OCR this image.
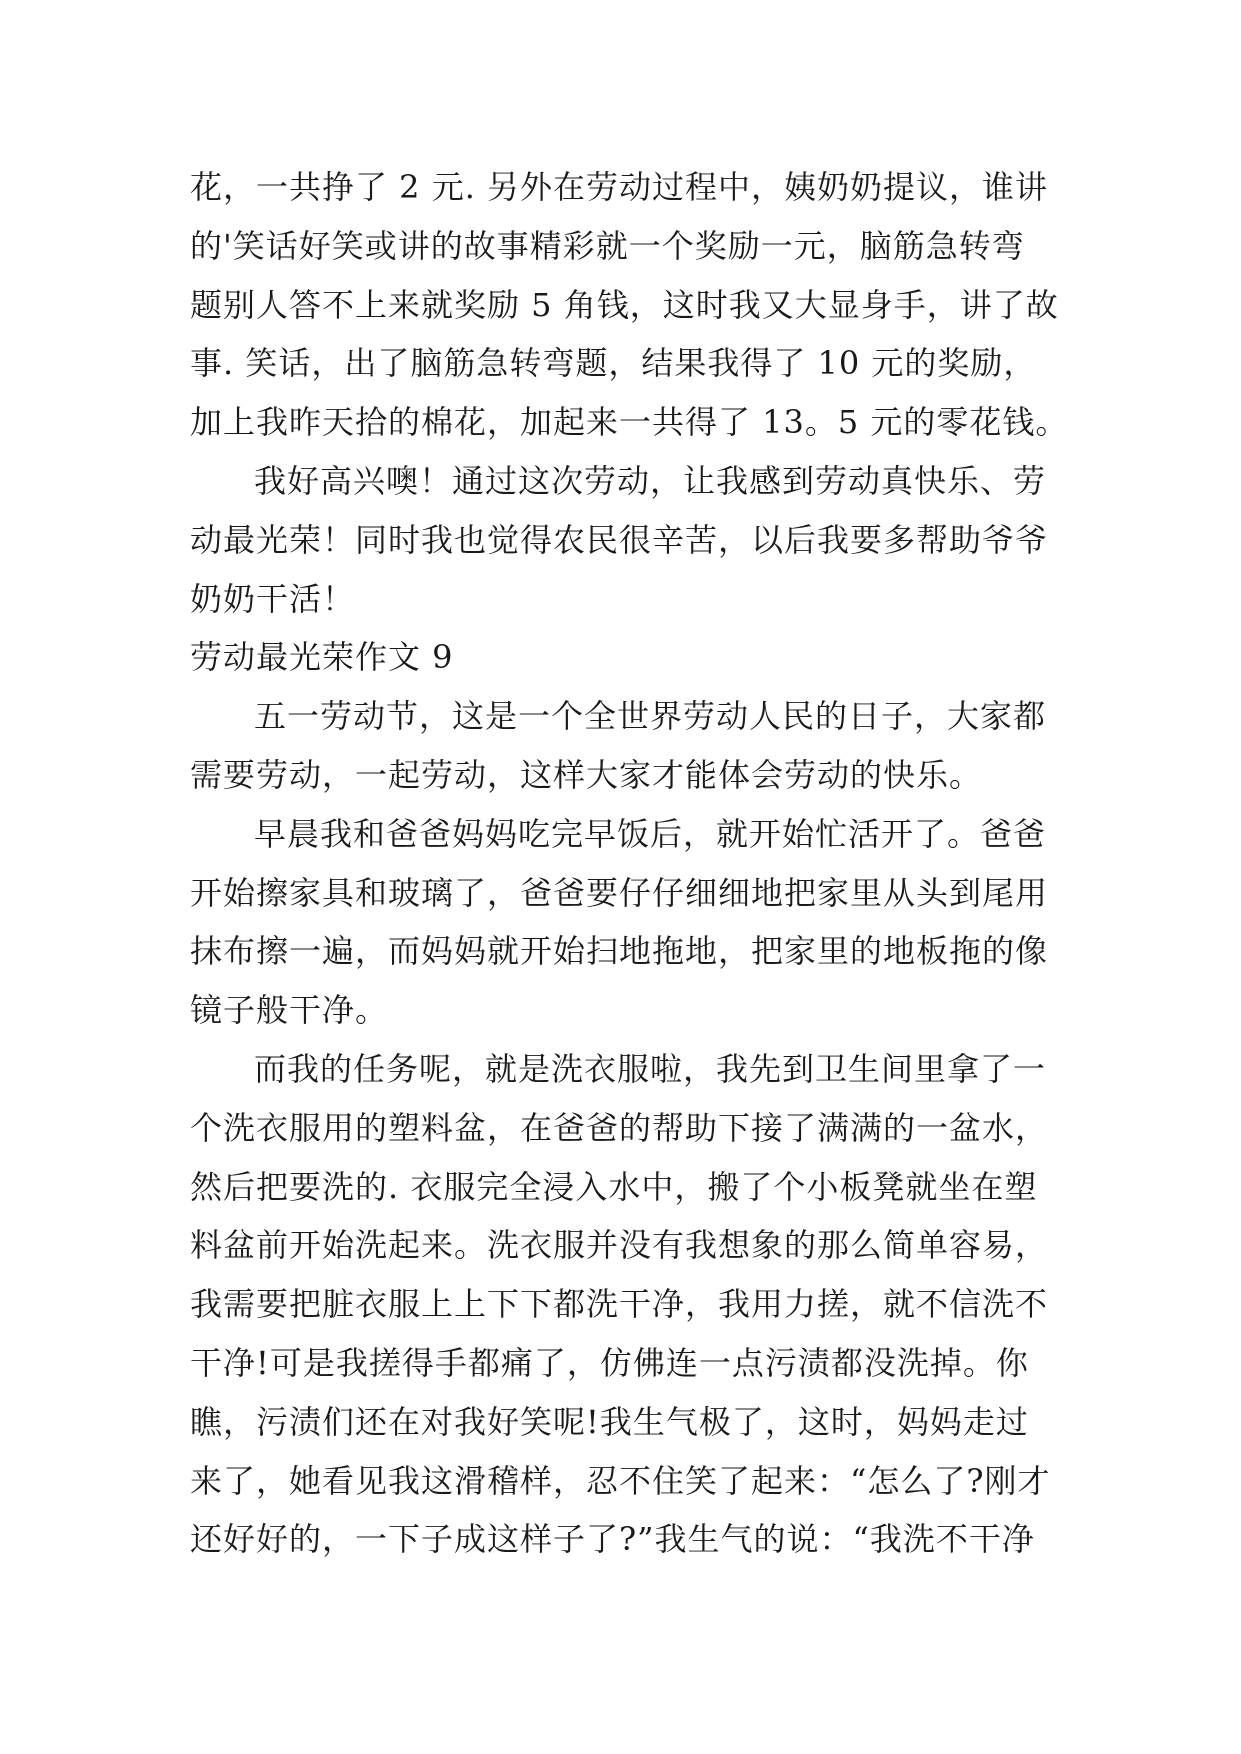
花，一共挣了 2 元. 另外在劳动过程中，姨奶奶提议，谁讲

的'笑话好笑或讲的故事精彩就一个奖励一元，脑筋急转弯

题别人答不上来就奖励 5 角钱，这时我又大显身手，讲了故

事. 笑话，出了脑筋急转弯题，结果我得了 10 元的奖励，

加上我昨天拾的棉花，加起来一共得了 13。5 元的零花钱。

我好高兴噢！通过这次劳动，让我感到劳动真快乐、劳

动最光荣！同时我也觉得农民很辛苦，以后我要多帮助爷爷

奶奶干活！

劳动最光荣作文 9

五一劳动节，这是一个全世界劳动人民的日子，大家都

需要劳动，一起劳动，这样大家才能体会劳动的快乐。

早晨我和爸爸妈妈吃完早饭后，就开始忙活开了。爸爸

开始擦家具和玻璃了，爸爸要仔仔细细地把家里从头到尾用

抹布擦一遍，而妈妈就开始扫地拖地，把家里的地板拖的像

镜子般干净。

而我的任务呢，就是洗衣服啦，我先到卫生间里拿了一

个洗衣服用的塑料盆，在爸爸的帮助下接了满满的一盆水，

然后把要洗的. 衣服完全浸入水中，搬了个小板凳就坐在塑

料盆前开始洗起来。洗衣服并没有我想象的那么简单容易，

我需要把脏衣服上上下下都洗干净，我用力搓，就不信洗不

干净!可是我搓得手都痛了，仿佛连一点污渍都没洗掉。你

瞧，污渍们还在对我好笑呢!我生气极了，这时，妈妈走过

来了，她看见我这滑稽样，忍不住笑了起来：“怎么了?刚才

还好好的，一下子成这样子了?”我生气的说：“我洗不干净
